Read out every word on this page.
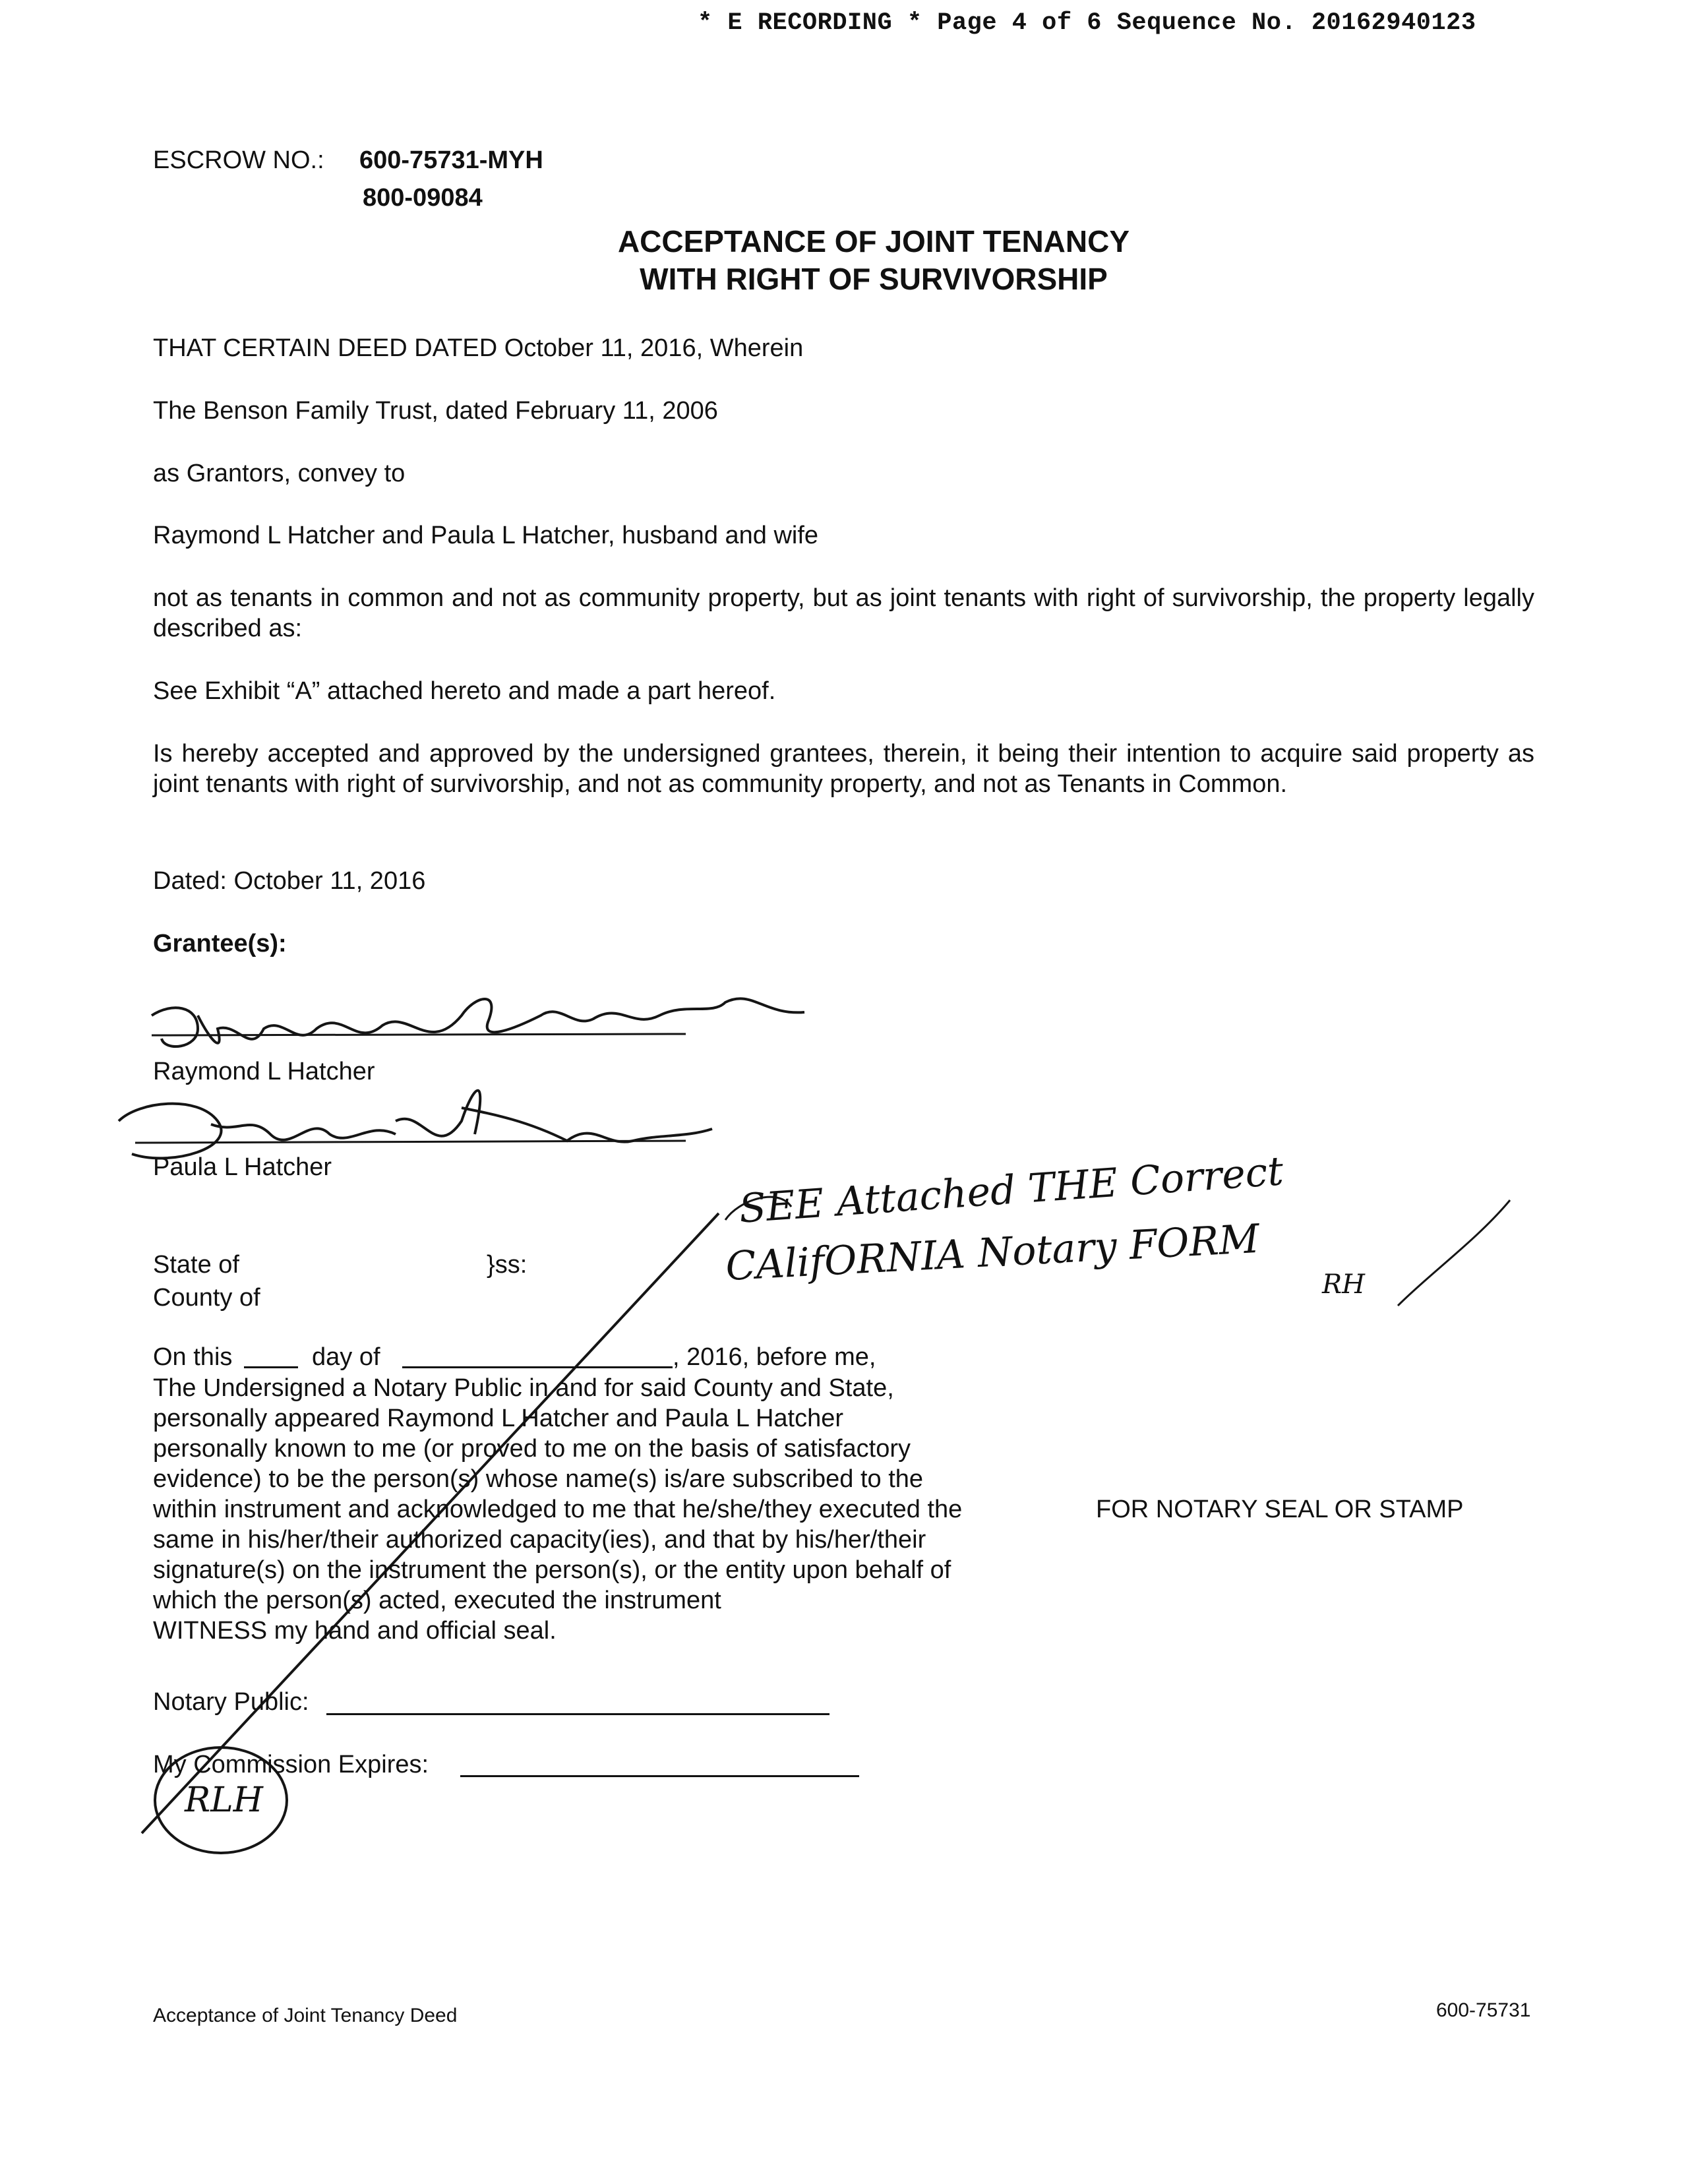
* E RECORDING * Page 4 of 6 Sequence No. 20162940123
ESCROW NO.: 600-75731-MYH
800-09084
ACCEPTANCE OF JOINT TENANCY
WITH RIGHT OF SURVIVORSHIP
THAT CERTAIN DEED DATED October 11, 2016, Wherein
The Benson Family Trust, dated February 11, 2006
as Grantors, convey to
Raymond L Hatcher and Paula L Hatcher, husband and wife
not as tenants in common and not as community property, but as joint tenants with right of survivorship, the property legally described as:
See Exhibit “A” attached hereto and made a part hereof.
Is hereby accepted and approved by the undersigned grantees, therein, it being their intention to acquire said property as joint tenants with right of survivorship, and not as community property, and not as Tenants in Common.
Dated: October 11, 2016
Grantee(s):
Raymond L Hatcher
Paula L Hatcher	SEE Attached THE Correct
CAlifORNIA Notary FORM RH
RLH
State of
County of
}ss:
On this	day of	, 2016, before me,
The Undersigned a Notary Public in and for said County and State,
personally appeared Raymond L Hatcher and Paula L Hatcher
personally known to me (or proved to me on the basis of satisfactory
evidence) to be the person(s) whose name(s) is/are subscribed to the
within instrument and acknowledged to me that he/she/they executed the
same in his/her/their authorized capacity(ies), and that by his/her/their
signature(s) on the instrument the person(s), or the entity upon behalf of
which the person(s) acted, executed the instrument
WITNESS my hand and official seal.
FOR NOTARY SEAL OR STAMP
Notary Public:
My Commission Expires:
Acceptance of Joint Tenancy Deed	600-75731
